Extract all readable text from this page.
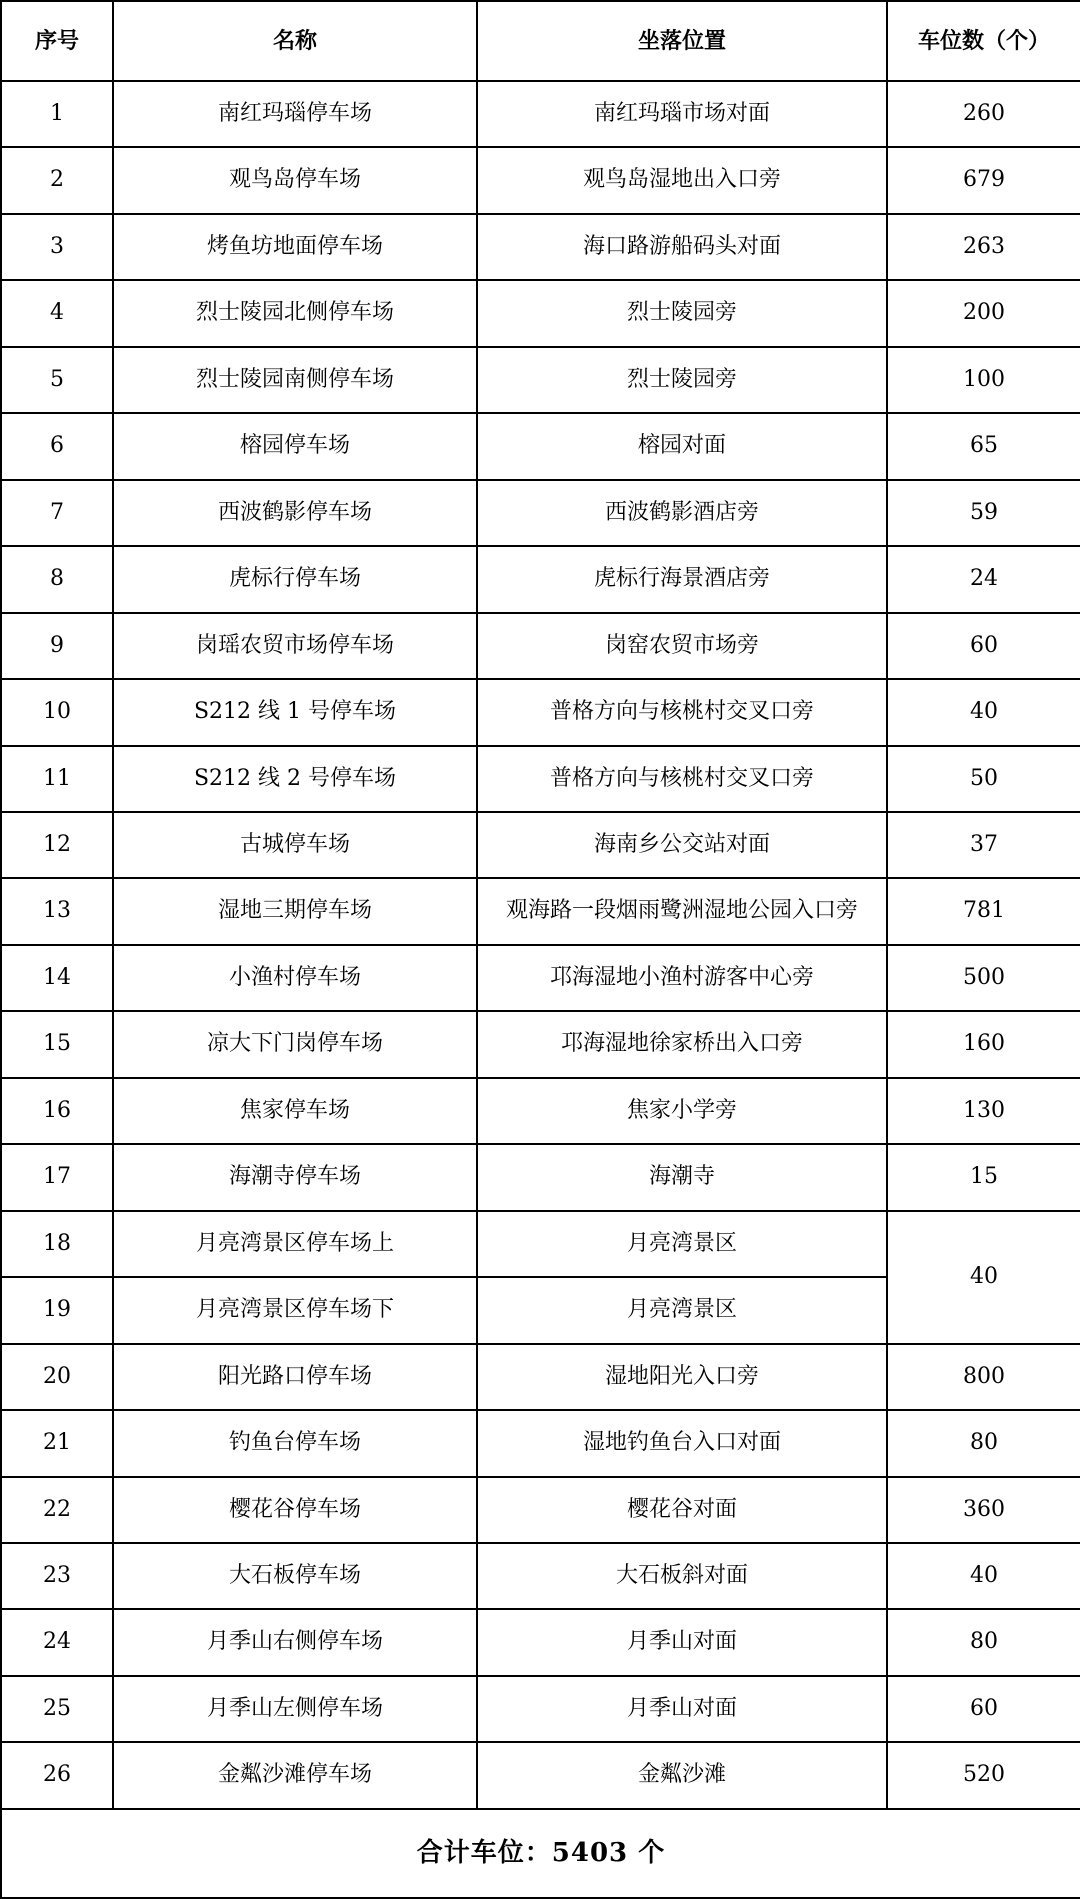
序号	名称	坐落位置	车位数（个）
1	南红玛瑙停车场	南红玛瑙市场对面	260
2	观鸟岛停车场	观鸟岛湿地出入口旁	679
3	烤鱼坊地面停车场	海口路游船码头对面	263
4	烈士陵园北侧停车场	烈士陵园旁	200
5	烈士陵园南侧停车场	烈士陵园旁	100
6	榕园停车场	榕园对面	65
7	西波鹤影停车场	西波鹤影酒店旁	59
8	虎标行停车场	虎标行海景酒店旁	24
9	岗瑶农贸市场停车场	岗窑农贸市场旁	60
10	S212 线 1 号停车场	普格方向与核桃村交叉口旁	40
11	S212 线 2 号停车场	普格方向与核桃村交叉口旁	50
12	古城停车场	海南乡公交站对面	37
13	湿地三期停车场	观海路一段烟雨鹭洲湿地公园入口旁	781
14	小渔村停车场	邛海湿地小渔村游客中心旁	500
15	凉大下门岗停车场	邛海湿地徐家桥出入口旁	160
16	焦家停车场	焦家小学旁	130
17	海潮寺停车场	海潮寺	15
18	月亮湾景区停车场上	月亮湾景区	40
19	月亮湾景区停车场下	月亮湾景区	
20	阳光路口停车场	湿地阳光入口旁	800
21	钓鱼台停车场	湿地钓鱼台入口对面	80
22	樱花谷停车场	樱花谷对面	360
23	大石板停车场	大石板斜对面	40
24	月季山右侧停车场	月季山对面	80
25	月季山左侧停车场	月季山对面	60
26	金粼沙滩停车场	金粼沙滩	520
合计车位：5403 个			
